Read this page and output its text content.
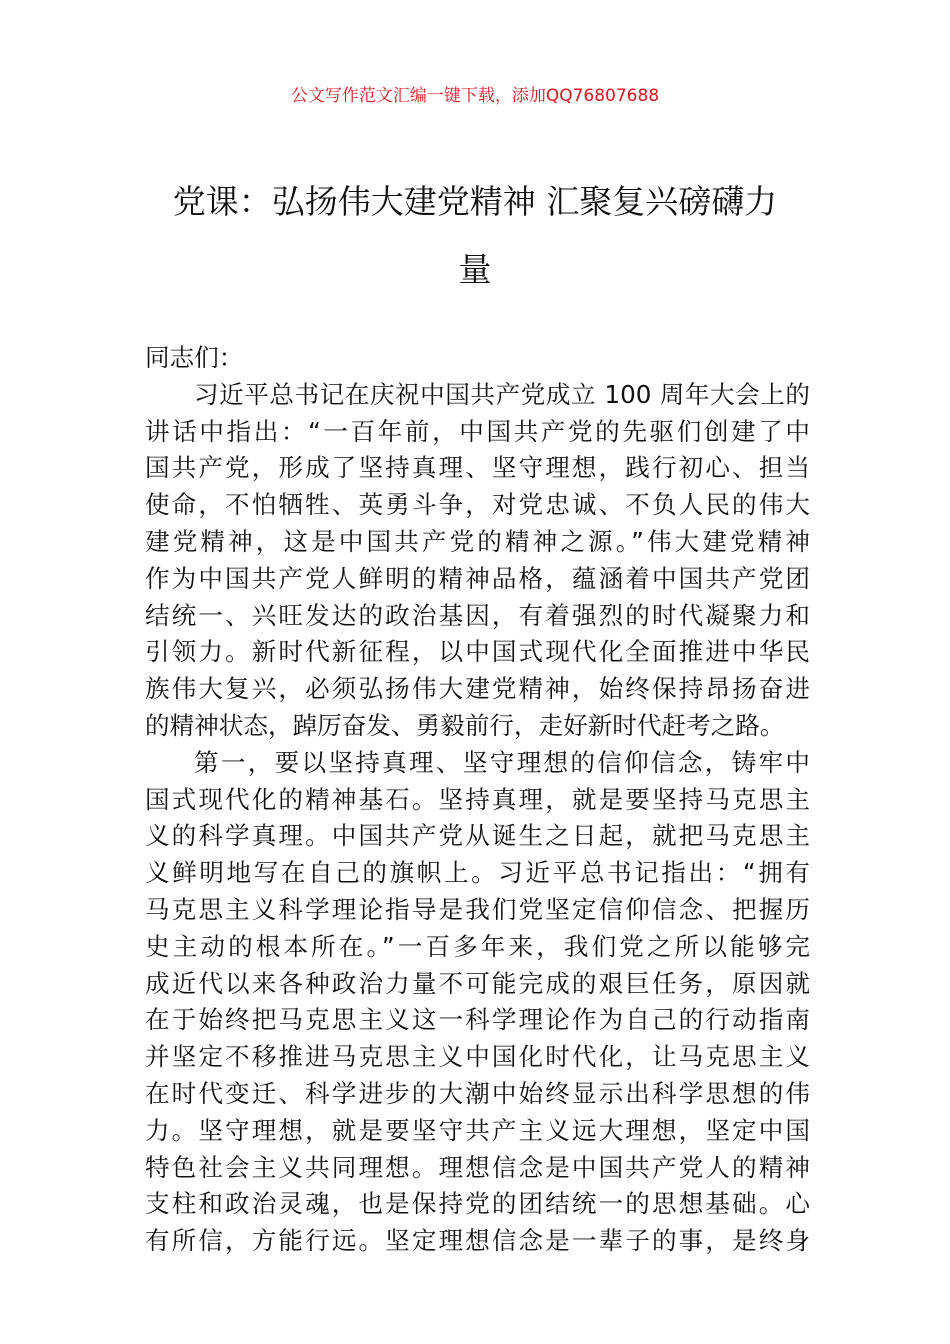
公文写作范文汇编一键下载，添加QQ76807688
党课：弘扬伟大建党精神 汇聚复兴磅礴力
量
同志们：
习近平总书记在庆祝中国共产党成立 100 周年大会上的
讲话中指出：“一百年前，中国共产党的先驱们创建了中
国共产党，形成了坚持真理、坚守理想，践行初心、担当
使命，不怕牺牲、英勇斗争，对党忠诚、不负人民的伟大
建党精神，这是中国共产党的精神之源。”伟大建党精神
作为中国共产党人鲜明的精神品格，蕴涵着中国共产党团
结统一、兴旺发达的政治基因，有着强烈的时代凝聚力和
引领力。新时代新征程，以中国式现代化全面推进中华民
族伟大复兴，必须弘扬伟大建党精神，始终保持昂扬奋进
的精神状态，踔厉奋发、勇毅前行，走好新时代赶考之路。
第一，要以坚持真理、坚守理想的信仰信念，铸牢中
国式现代化的精神基石。坚持真理，就是要坚持马克思主
义的科学真理。中国共产党从诞生之日起，就把马克思主
义鲜明地写在自己的旗帜上。习近平总书记指出：“拥有
马克思主义科学理论指导是我们党坚定信仰信念、把握历
史主动的根本所在。”一百多年来，我们党之所以能够完
成近代以来各种政治力量不可能完成的艰巨任务，原因就
在于始终把马克思主义这一科学理论作为自己的行动指南
并坚定不移推进马克思主义中国化时代化，让马克思主义
在时代变迁、科学进步的大潮中始终显示出科学思想的伟
力。坚守理想，就是要坚守共产主义远大理想，坚定中国
特色社会主义共同理想。理想信念是中国共产党人的精神
支柱和政治灵魂，也是保持党的团结统一的思想基础。心
有所信，方能行远。坚定理想信念是一辈子的事，是终身
